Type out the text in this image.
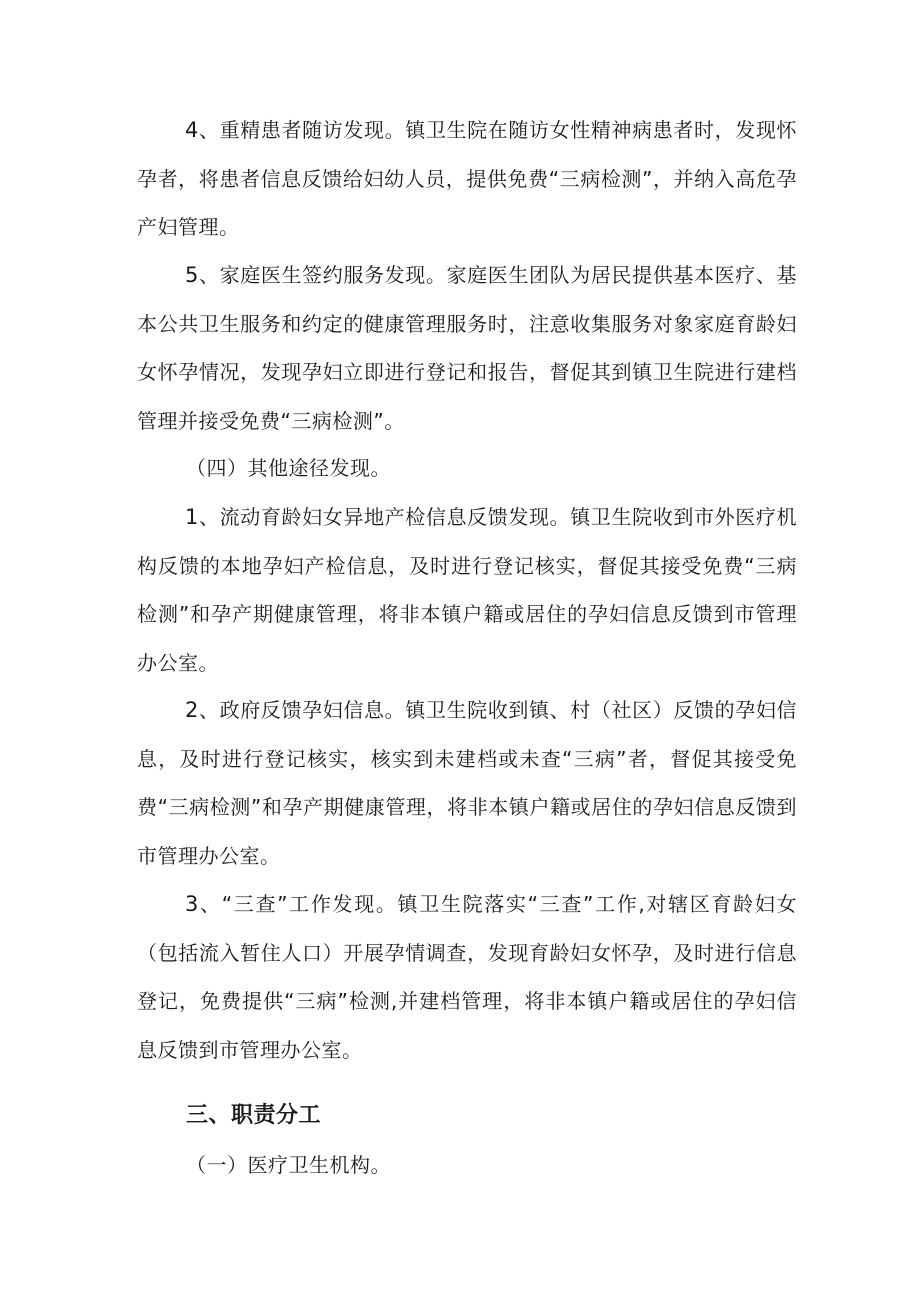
4、重精患者随访发现。镇卫生院在随访女性精神病患者时，发现怀孕者，将患者信息反馈给妇幼人员，提供免费“三病检测”，并纳入高危孕产妇管理。

5、家庭医生签约服务发现。家庭医生团队为居民提供基本医疗、基本公共卫生服务和约定的健康管理服务时，注意收集服务对象家庭育龄妇女怀孕情况，发现孕妇立即进行登记和报告，督促其到镇卫生院进行建档管理并接受免费“三病检测”。

（四）其他途径发现。

1、流动育龄妇女异地产检信息反馈发现。镇卫生院收到市外医疗机构反馈的本地孕妇产检信息，及时进行登记核实，督促其接受免费“三病检测”和孕产期健康管理，将非本镇户籍或居住的孕妇信息反馈到市管理办公室。

2、政府反馈孕妇信息。镇卫生院收到镇、村（社区）反馈的孕妇信息，及时进行登记核实，核实到未建档或未查“三病”者，督促其接受免费“三病检测”和孕产期健康管理，将非本镇户籍或居住的孕妇信息反馈到市管理办公室。

3、“三查”工作发现。镇卫生院落实“三查”工作,对辖区育龄妇女（包括流入暂住人口）开展孕情调查，发现育龄妇女怀孕，及时进行信息登记，免费提供“三病”检测,并建档管理，将非本镇户籍或居住的孕妇信息反馈到市管理办公室。

三、职责分工

（一）医疗卫生机构。
